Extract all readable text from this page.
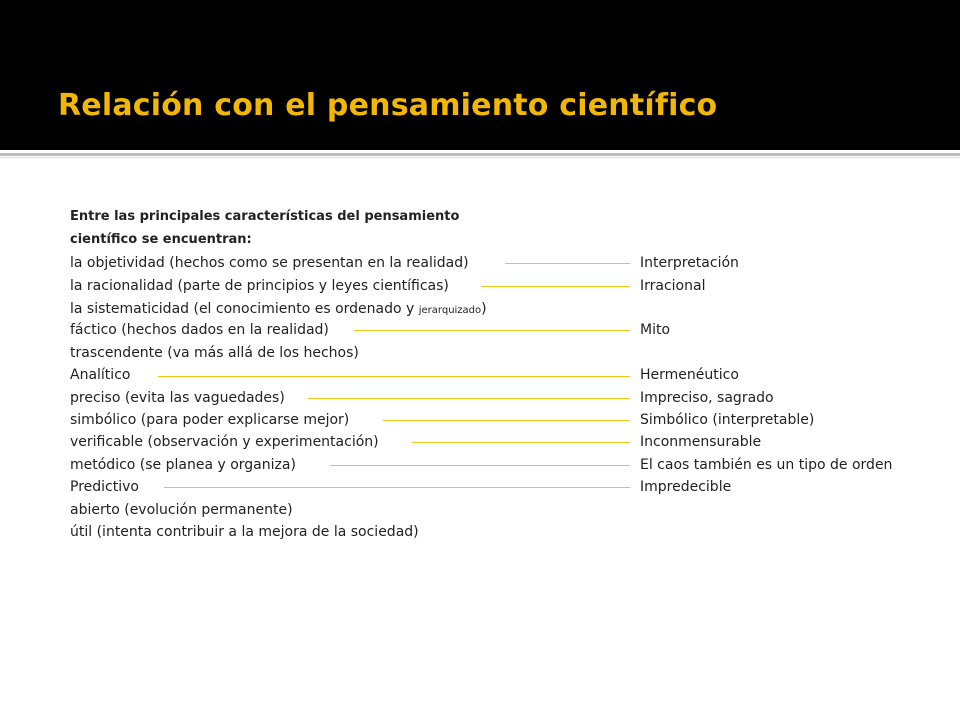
Relación con el pensamiento científico
Entre las principales características del pensamiento
científico se encuentran:
la objetividad (hechos como se presentan en la realidad)
la racionalidad (parte de principios y leyes científicas)
la sistematicidad (el conocimiento es ordenado y jerarquizado)
fáctico (hechos dados en la realidad)
trascendente (va más allá de los hechos)
Analítico
preciso (evita las vaguedades)
simbólico (para poder explicarse mejor)
verificable (observación y experimentación)
metódico (se planea y organiza)
Predictivo
abierto (evolución permanente)
útil (intenta contribuir a la mejora de la sociedad)
Interpretación
Irracional
Mito
Hermenéutico
Impreciso, sagrado
Simbólico (interpretable)
Inconmensurable
El caos también es un tipo de orden
Impredecible
